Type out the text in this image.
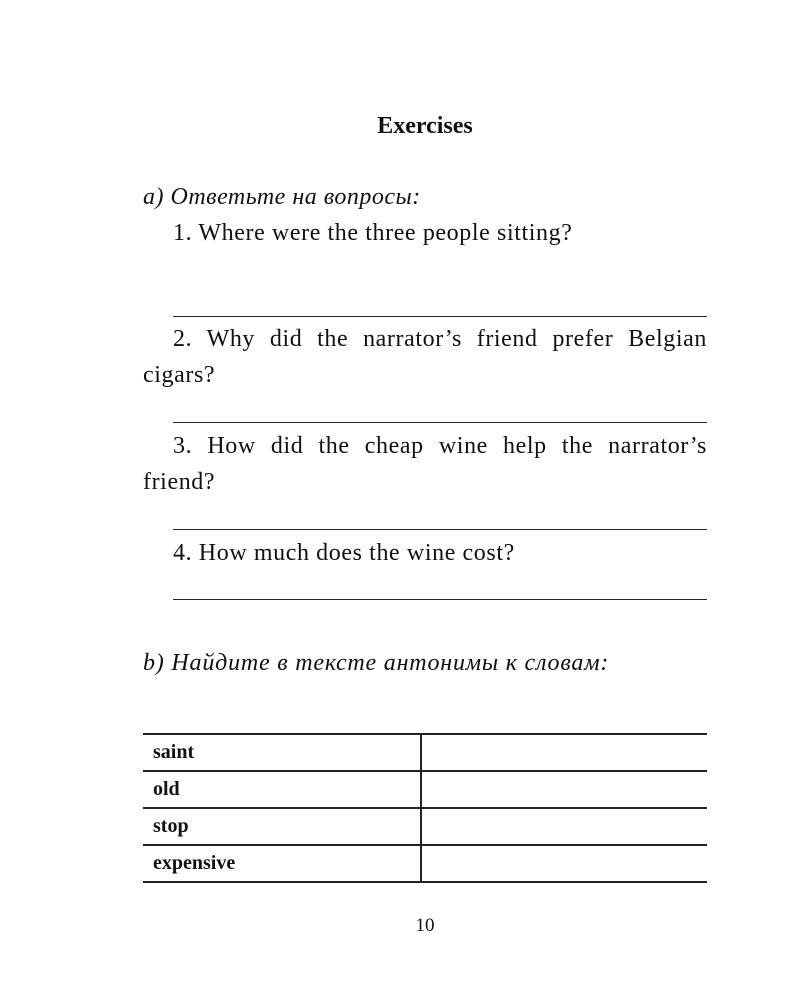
Exercises
a) Ответьте на вопросы:
1. Where were the three people sitting?
2. Why did the narrator’s friend prefer Belgian cigars?
3. How did the cheap wine help the narrator’s friend?
4. How much does the wine cost?
b) Найдите в тексте антонимы к словам:
saint	
old	
stop	
expensive	
10
